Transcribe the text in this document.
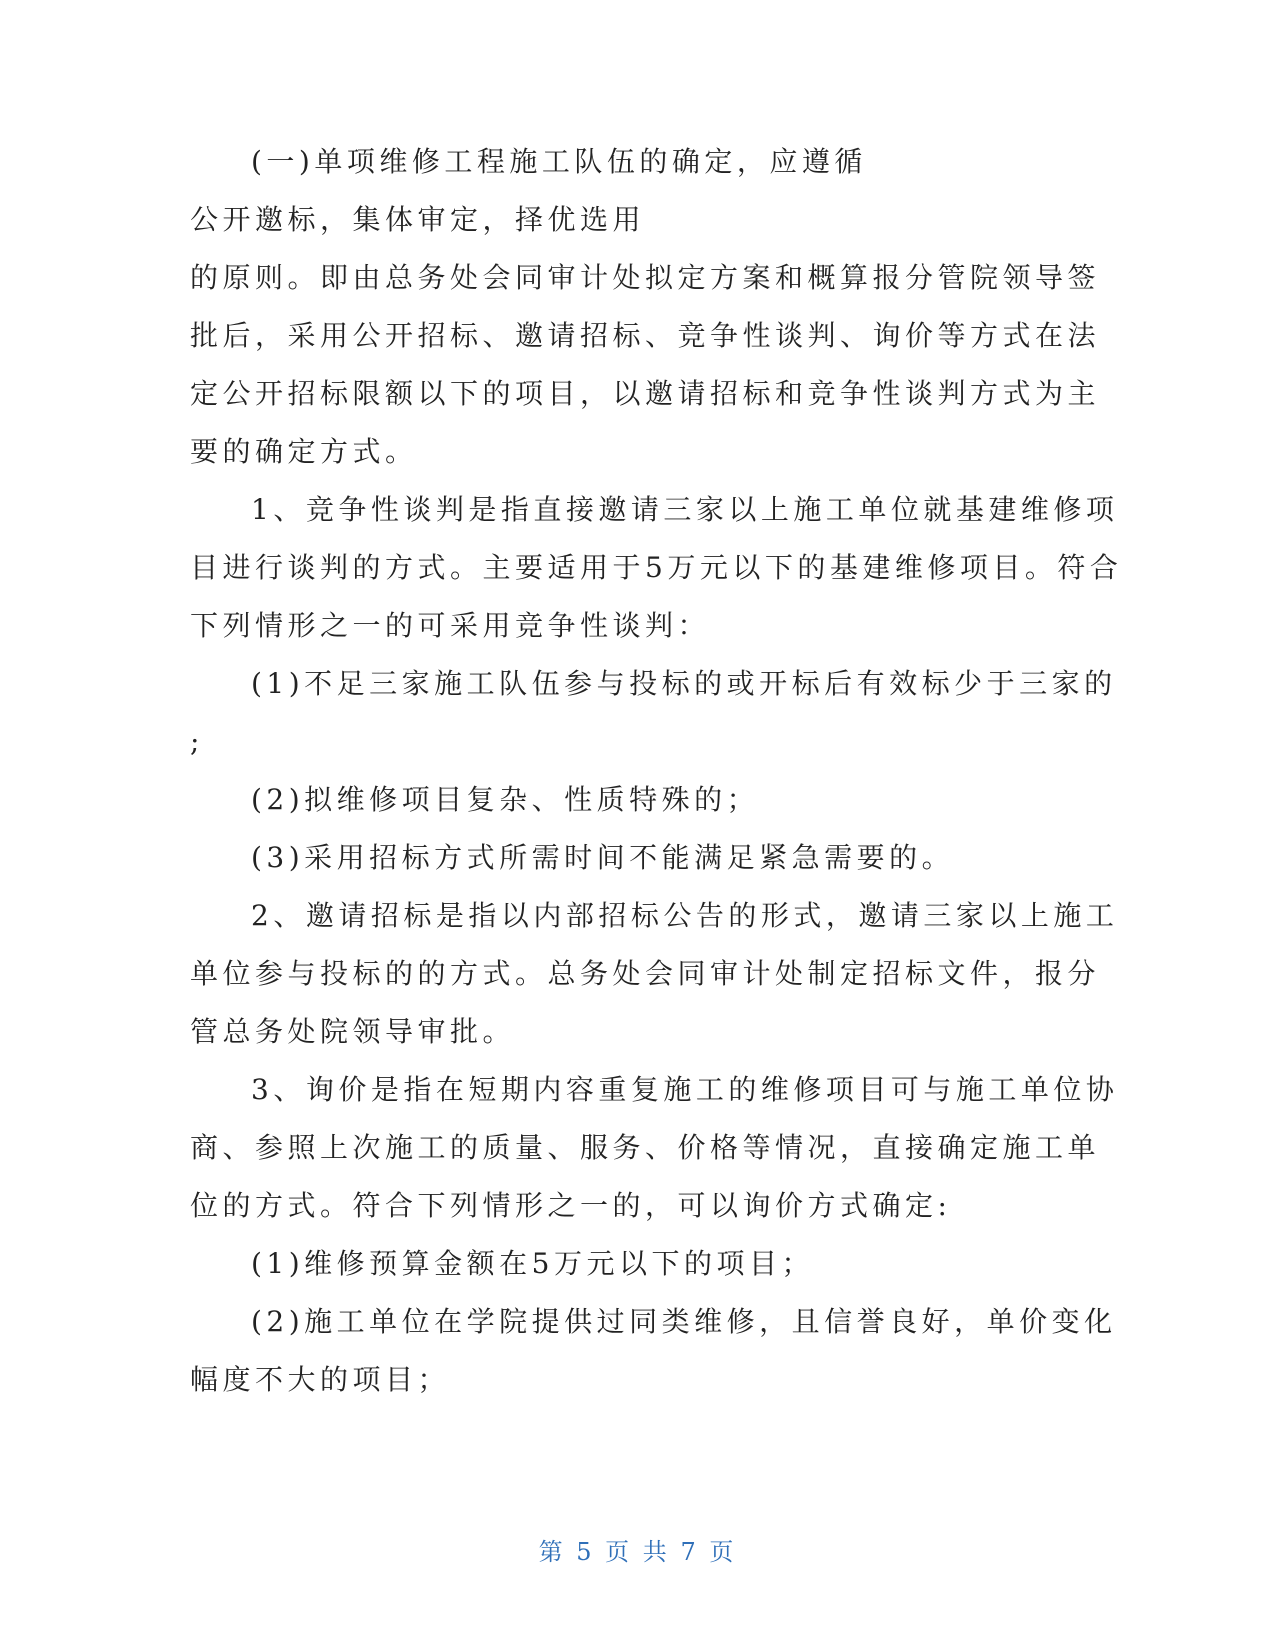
(一)单项维修工程施工队伍的确定，应遵循
公开邀标，集体审定，择优选用
的原则。即由总务处会同审计处拟定方案和概算报分管院领导签
批后，采用公开招标、邀请招标、竞争性谈判、询价等方式在法
定公开招标限额以下的项目，以邀请招标和竞争性谈判方式为主
要的确定方式。
1、竞争性谈判是指直接邀请三家以上施工单位就基建维修项
目进行谈判的方式。主要适用于5万元以下的基建维修项目。符合
下列情形之一的可采用竞争性谈判：
(1)不足三家施工队伍参与投标的或开标后有效标少于三家的
;
(2)拟维修项目复杂、性质特殊的；
(3)采用招标方式所需时间不能满足紧急需要的。
2、邀请招标是指以内部招标公告的形式，邀请三家以上施工
单位参与投标的的方式。总务处会同审计处制定招标文件，报分
管总务处院领导审批。
3、询价是指在短期内容重复施工的维修项目可与施工单位协
商、参照上次施工的质量、服务、价格等情况，直接确定施工单
位的方式。符合下列情形之一的，可以询价方式确定:
(1)维修预算金额在5万元以下的项目；
(2)施工单位在学院提供过同类维修，且信誉良好，单价变化
幅度不大的项目；
第 5 页 共 7 页
